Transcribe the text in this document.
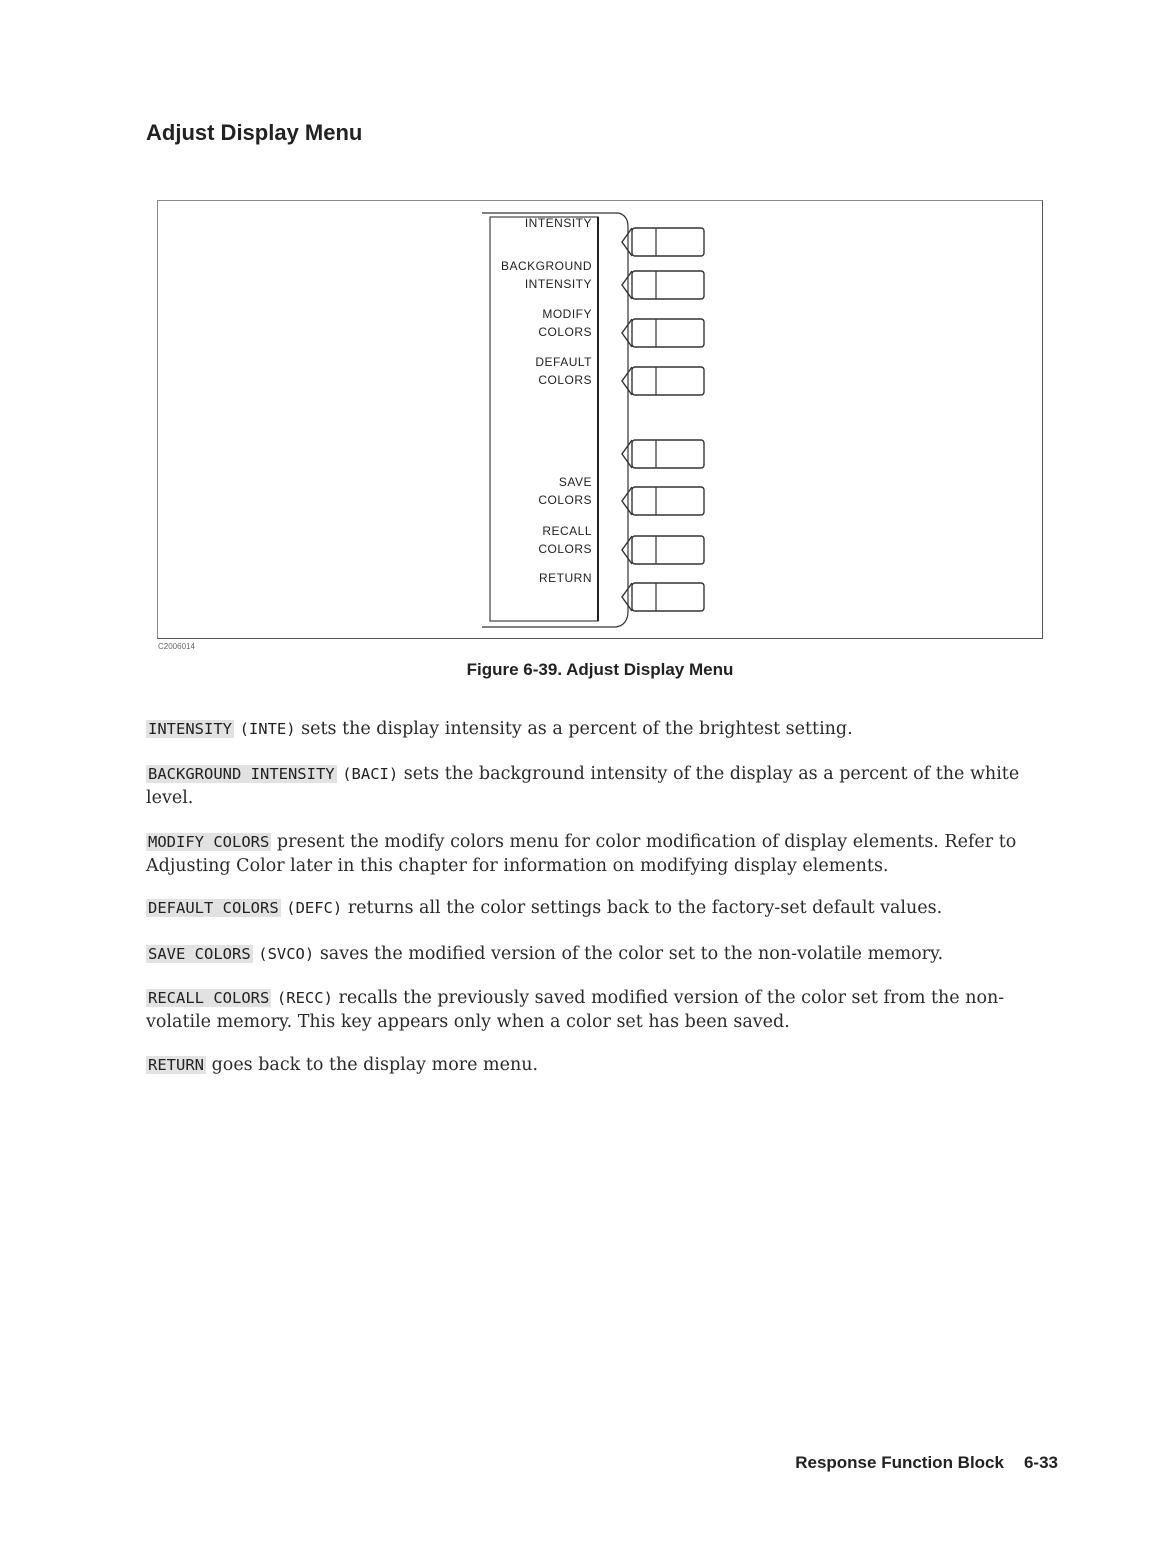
Adjust Display Menu
C2006014
INTENSITY
BACKGROUND
INTENSITY
MODIFY
COLORS
DEFAULT
COLORS
SAVE
COLORS
RECALL
COLORS
RETURN
Figure 6-39. Adjust Display Menu

INTENSITY (INTE) sets the display intensity as a percent of the brightest setting.

BACKGROUND INTENSITY (BACI) sets the background intensity of the display as a percent of the white level.

MODIFY COLORS present the modify colors menu for color modification of display elements. Refer to Adjusting Color later in this chapter for information on modifying display elements.

DEFAULT COLORS (DEFC) returns all the color settings back to the factory-set default values.

SAVE COLORS (SVCO) saves the modified version of the color set to the non-volatile memory.

RECALL COLORS (RECC) recalls the previously saved modified version of the color set from the non-volatile memory. This key appears only when a color set has been saved.

RETURN goes back to the display more menu.

Response Function Block 6-33
